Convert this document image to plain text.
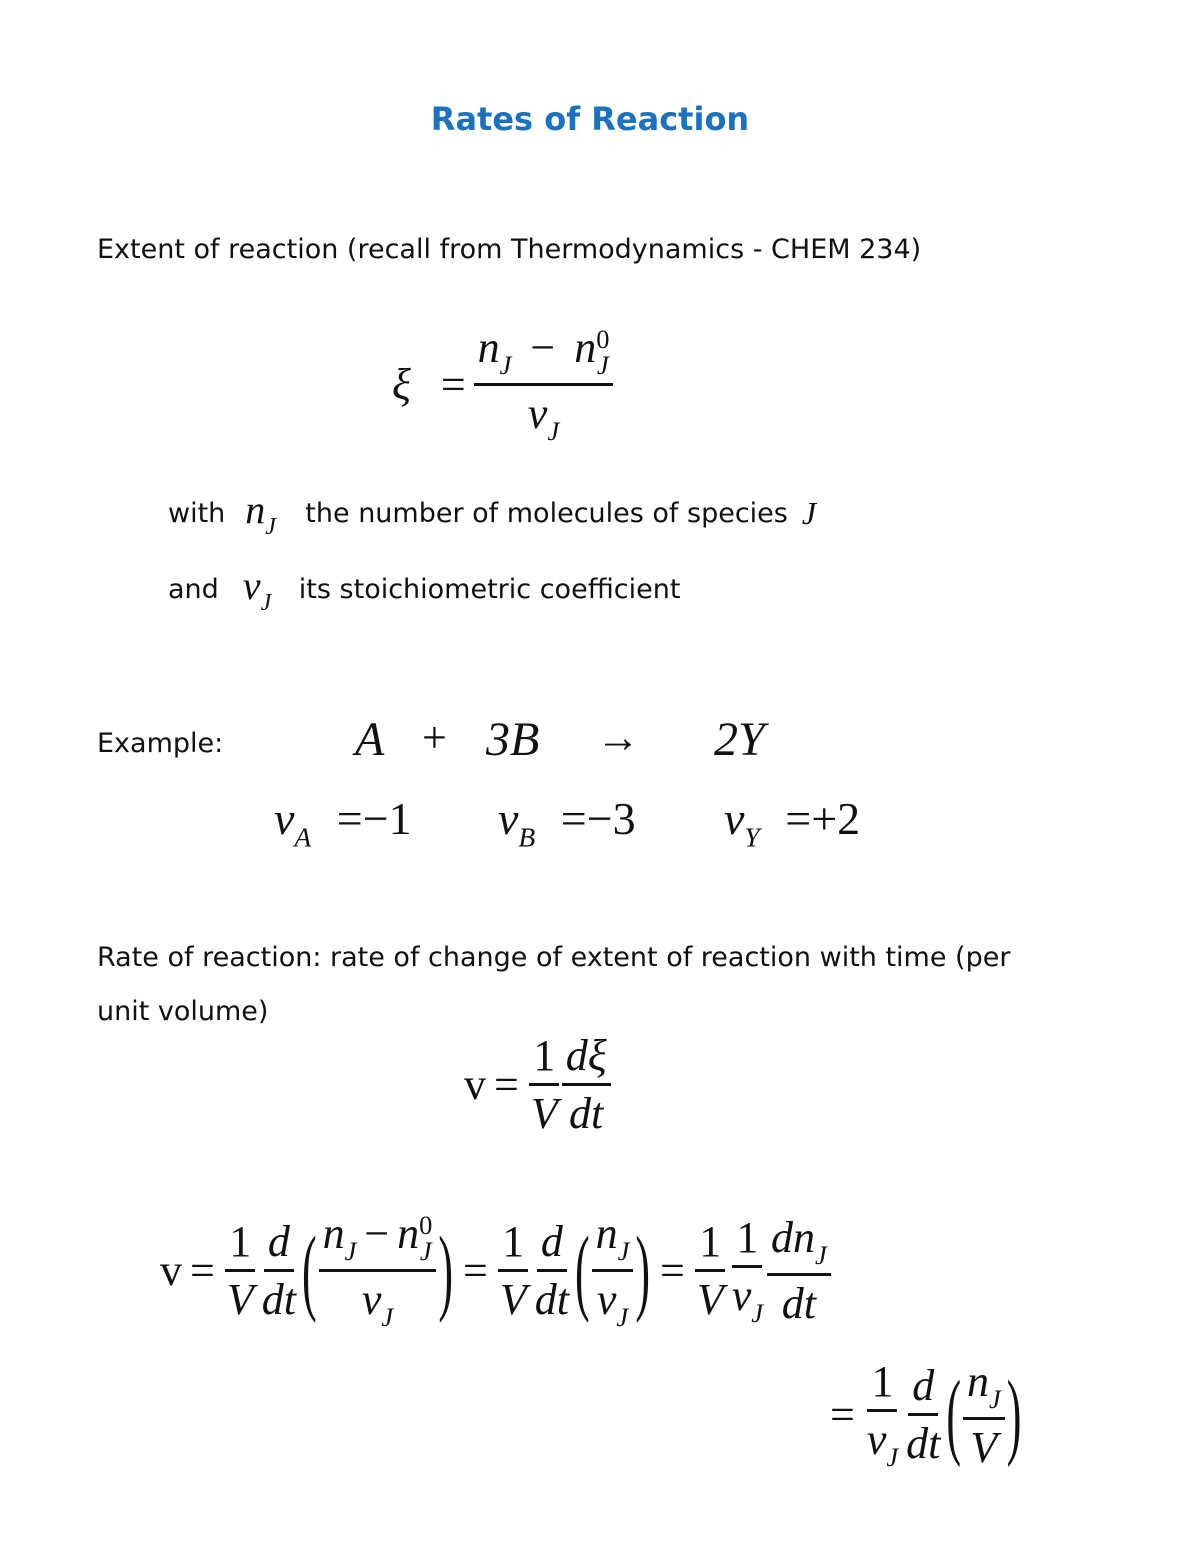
Rates of Reaction
Extent of reaction (recall from Thermodynamics - CHEM 234)
$\xi = n_J - n$ 0
J
$\nu_J$
with $n_J$	the number of molecules of species J
and $\nu_J$	its stoichiometric coefficient
Example:	A + 3B → 2Y
$\nu_A =-1$ $\nu_B =-3$ $\nu_Y =+2$
Rate of reaction: rate of change of extent of reaction with time (per
unit volume)
$v = \frac{1}{V} \frac{d\xi}{dt}$
$v = \frac{1}{V} \frac{d}{dt}$ ( $n_J - n$ 0
J
$\nu_J$ ) = $\frac{1}{V} \frac{d}{dt}$ ( $\frac{n_J}{\nu_J}$ ) = $\frac{1}{V} \frac{1}{\nu_J} \frac{dn_J}{dt}$
= $\frac{1}{\nu_J} \frac{d}{dt}$ ( $\frac{n_J}{V}$ )
